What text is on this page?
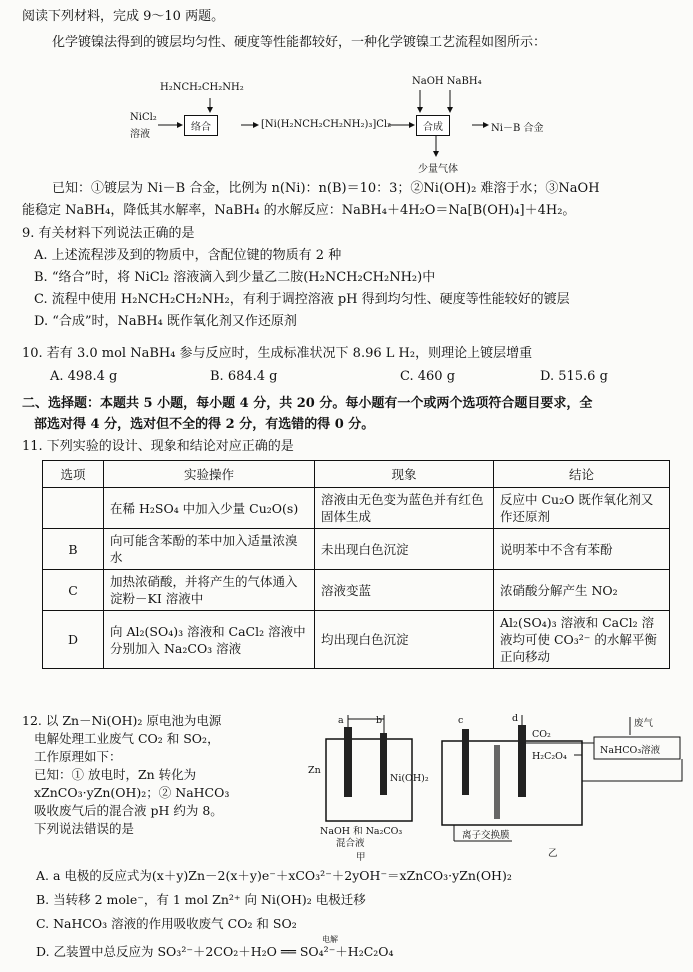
阅读下列材料，完成 9～10 两题。
化学镀镍法得到的镀层均匀性、硬度等性能都较好，一种化学镀镍工艺流程如图所示：
H₂NCH₂CH₂NH₂
NaOH NaBH₄
NiCl₂
溶液
络合	[Ni(H₂NCH₂CH₂NH₂)₃]Cl₂	合成	Ni－B 合金
少量气体
已知：①镀层为 Ni－B 合金，比例为 n(Ni)：n(B)＝10：3；②Ni(OH)₂ 难溶于水；③NaOH
能稳定 NaBH₄，降低其水解率，NaBH₄ 的水解反应：NaBH₄＋4H₂O＝Na[B(OH)₄]＋4H₂。
9. 有关材料下列说法正确的是
A. 上述流程涉及到的物质中，含配位键的物质有 2 种
B. “络合”时，将 NiCl₂ 溶液滴入到少量乙二胺(H₂NCH₂CH₂NH₂)中
C. 流程中使用 H₂NCH₂CH₂NH₂，有利于调控溶液 pH 得到均匀性、硬度等性能较好的镀层
D. “合成”时，NaBH₄ 既作氧化剂又作还原剂
10. 若有 3.0 mol NaBH₄ 参与反应时，生成标准状况下 8.96 L H₂，则理论上镀层增重
A. 498.4 g	B. 684.4 g	C. 460 g	D. 515.6 g
二、选择题：本题共 5 小题，每小题 4 分，共 20 分。每小题有一个或两个选项符合题目要求，全
部选对得 4 分，选对但不全的得 2 分，有选错的得 0 分。
11. 下列实验的设计、现象和结论对应正确的是
选项	实验操作	现象	结论
	在稀 H₂SO₄ 中加入少量 Cu₂O(s)	溶液由无色变为蓝色并有红色固体生成	反应中 Cu₂O 既作氧化剂又作还原剂
B	向可能含苯酚的苯中加入适量浓溴水	未出现白色沉淀	说明苯中不含有苯酚
C	加热浓硝酸，并将产生的气体通入淀粉－KI 溶液中	溶液变蓝	浓硝酸分解产生 NO₂
D	向 Al₂(SO₄)₃ 溶液和 CaCl₂ 溶液中分别加入 Na₂CO₃ 溶液	均出现白色沉淀	Al₂(SO₄)₃ 溶液和 CaCl₂ 溶液均可使 CO₃²⁻ 的水解平衡正向移动
12. 以 Zn－Ni(OH)₂ 原电池为电源
电解处理工业废气 CO₂ 和 SO₂，
工作原理如下：
已知：① 放电时，Zn 转化为
xZnCO₃·yZn(OH)₂；② NaHCO₃
吸收废气后的混合液 pH 约为 8。
下列说法错误的是
a	b	c	d
Zn
Ni(OH)₂
NaOH 和 Na₂CO₃
混合液
甲	乙
离子交换膜
CO₂
H₂C₂O₄
NaHCO₃溶液
废气
A. a 电极的反应式为(x＋y)Zn－2(x＋y)e⁻＋xCO₃²⁻＋2yOH⁻＝xZnCO₃·yZn(OH)₂
B. 当转移 2 mole⁻，有 1 mol Zn²⁺ 向 Ni(OH)₂ 电极迁移
C. NaHCO₃ 溶液的作用吸收废气 CO₂ 和 SO₂
D. 乙装置中总反应为 SO₃²⁻＋2CO₂＋H₂O ══ SO₄²⁻＋H₂C₂O₄
电解
